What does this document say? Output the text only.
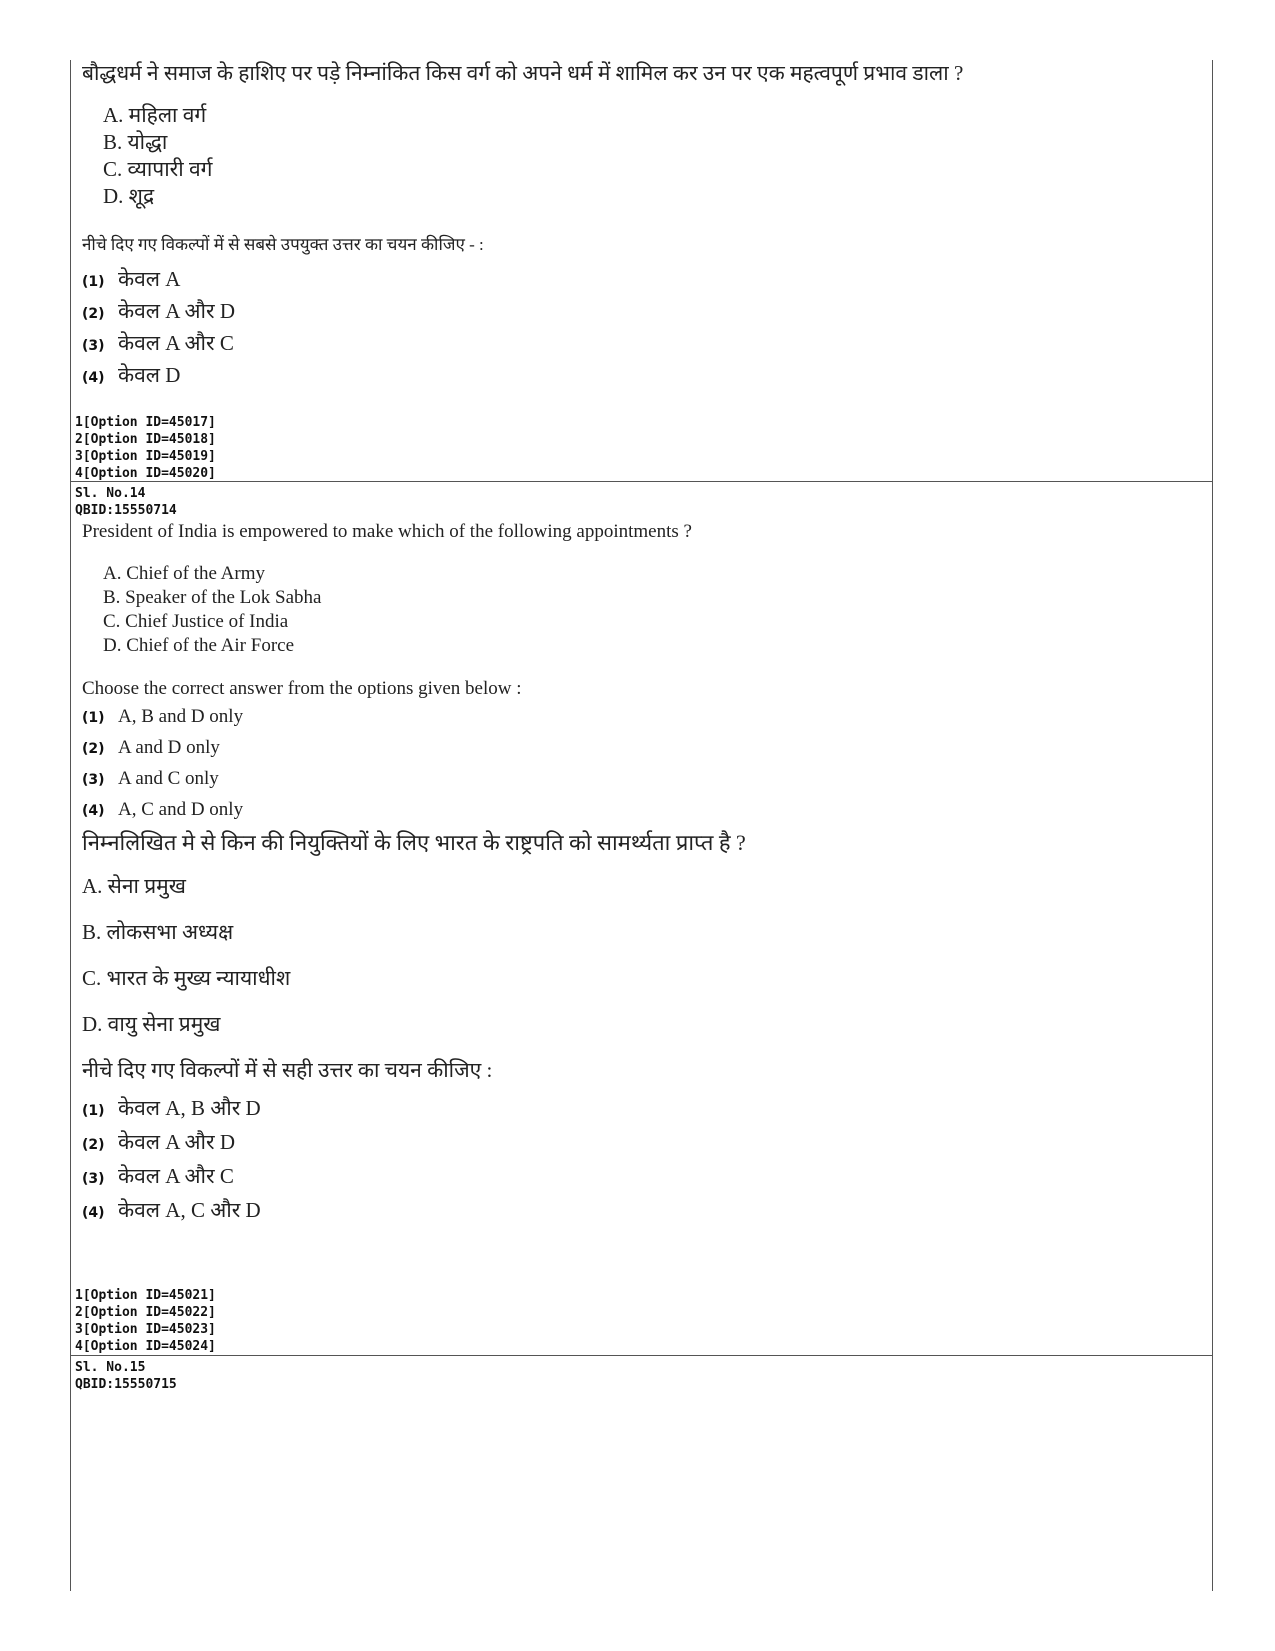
बौद्धधर्म ने समाज के हाशिए पर पड़े निम्नांकित किस वर्ग को अपने धर्म में शामिल कर उन पर एक महत्वपूर्ण प्रभाव डाला ?
A. महिला वर्ग
B. योद्धा
C. व्यापारी वर्ग
D. शूद्र
नीचे दिए गए विकल्पों में से सबसे उपयुक्त उत्तर का चयन कीजिए - :
(1) केवल A
(2) केवल A और D
(3) केवल A और C
(4) केवल D
1[Option ID=45017]
2[Option ID=45018]
3[Option ID=45019]
4[Option ID=45020]
Sl. No.14
QBID:15550714
President of India is empowered to make which of the following appointments ?
A. Chief of the Army
B. Speaker of the Lok Sabha
C. Chief Justice of India
D. Chief of the Air Force
Choose the correct answer from the options given below :
(1) A, B and D only
(2) A and D only
(3) A and C only
(4) A, C and D only
निम्नलिखित मे से किन की नियुक्तियों के लिए भारत के राष्ट्रपति को सामर्थ्यता प्राप्त है ?
A. सेना प्रमुख
B. लोकसभा अध्यक्ष
C. भारत के मुख्य न्यायाधीश
D. वायु सेना प्रमुख
नीचे दिए गए विकल्पों में से सही उत्तर का चयन कीजिए :
(1) केवल A, B और D
(2) केवल A और D
(3) केवल A और C
(4) केवल A, C और D
1[Option ID=45021]
2[Option ID=45022]
3[Option ID=45023]
4[Option ID=45024]
Sl. No.15
QBID:15550715
